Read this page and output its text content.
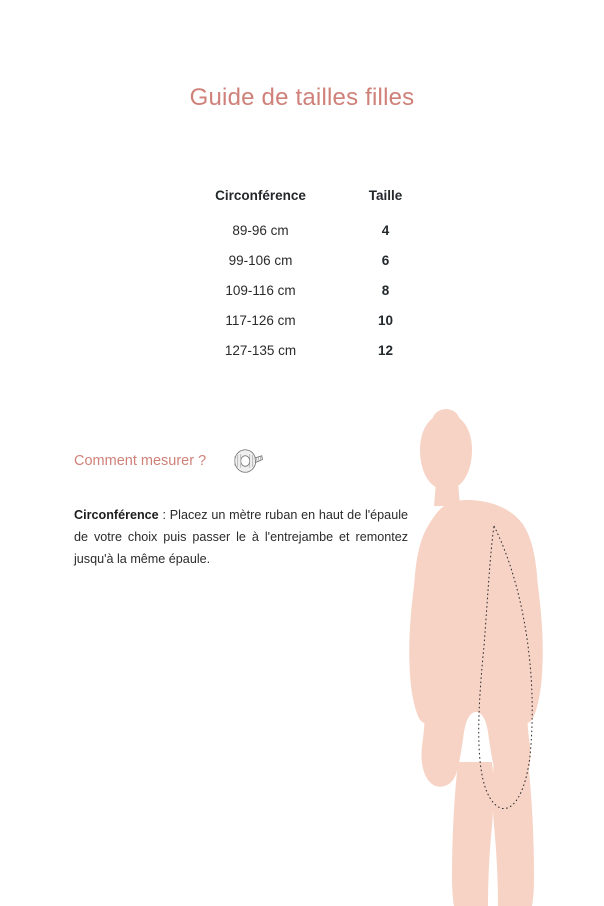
Guide de tailles filles
Circonférence	Taille
89-96 cm	4
99-106 cm	6
109-116 cm	8
117-126 cm	10
127-135 cm	12
Comment mesurer ?

Circonférence : Placez un mètre ruban en haut de l'épaule de votre choix puis passer le à l'entrejambe et remontez jusqu'à la même épaule.
